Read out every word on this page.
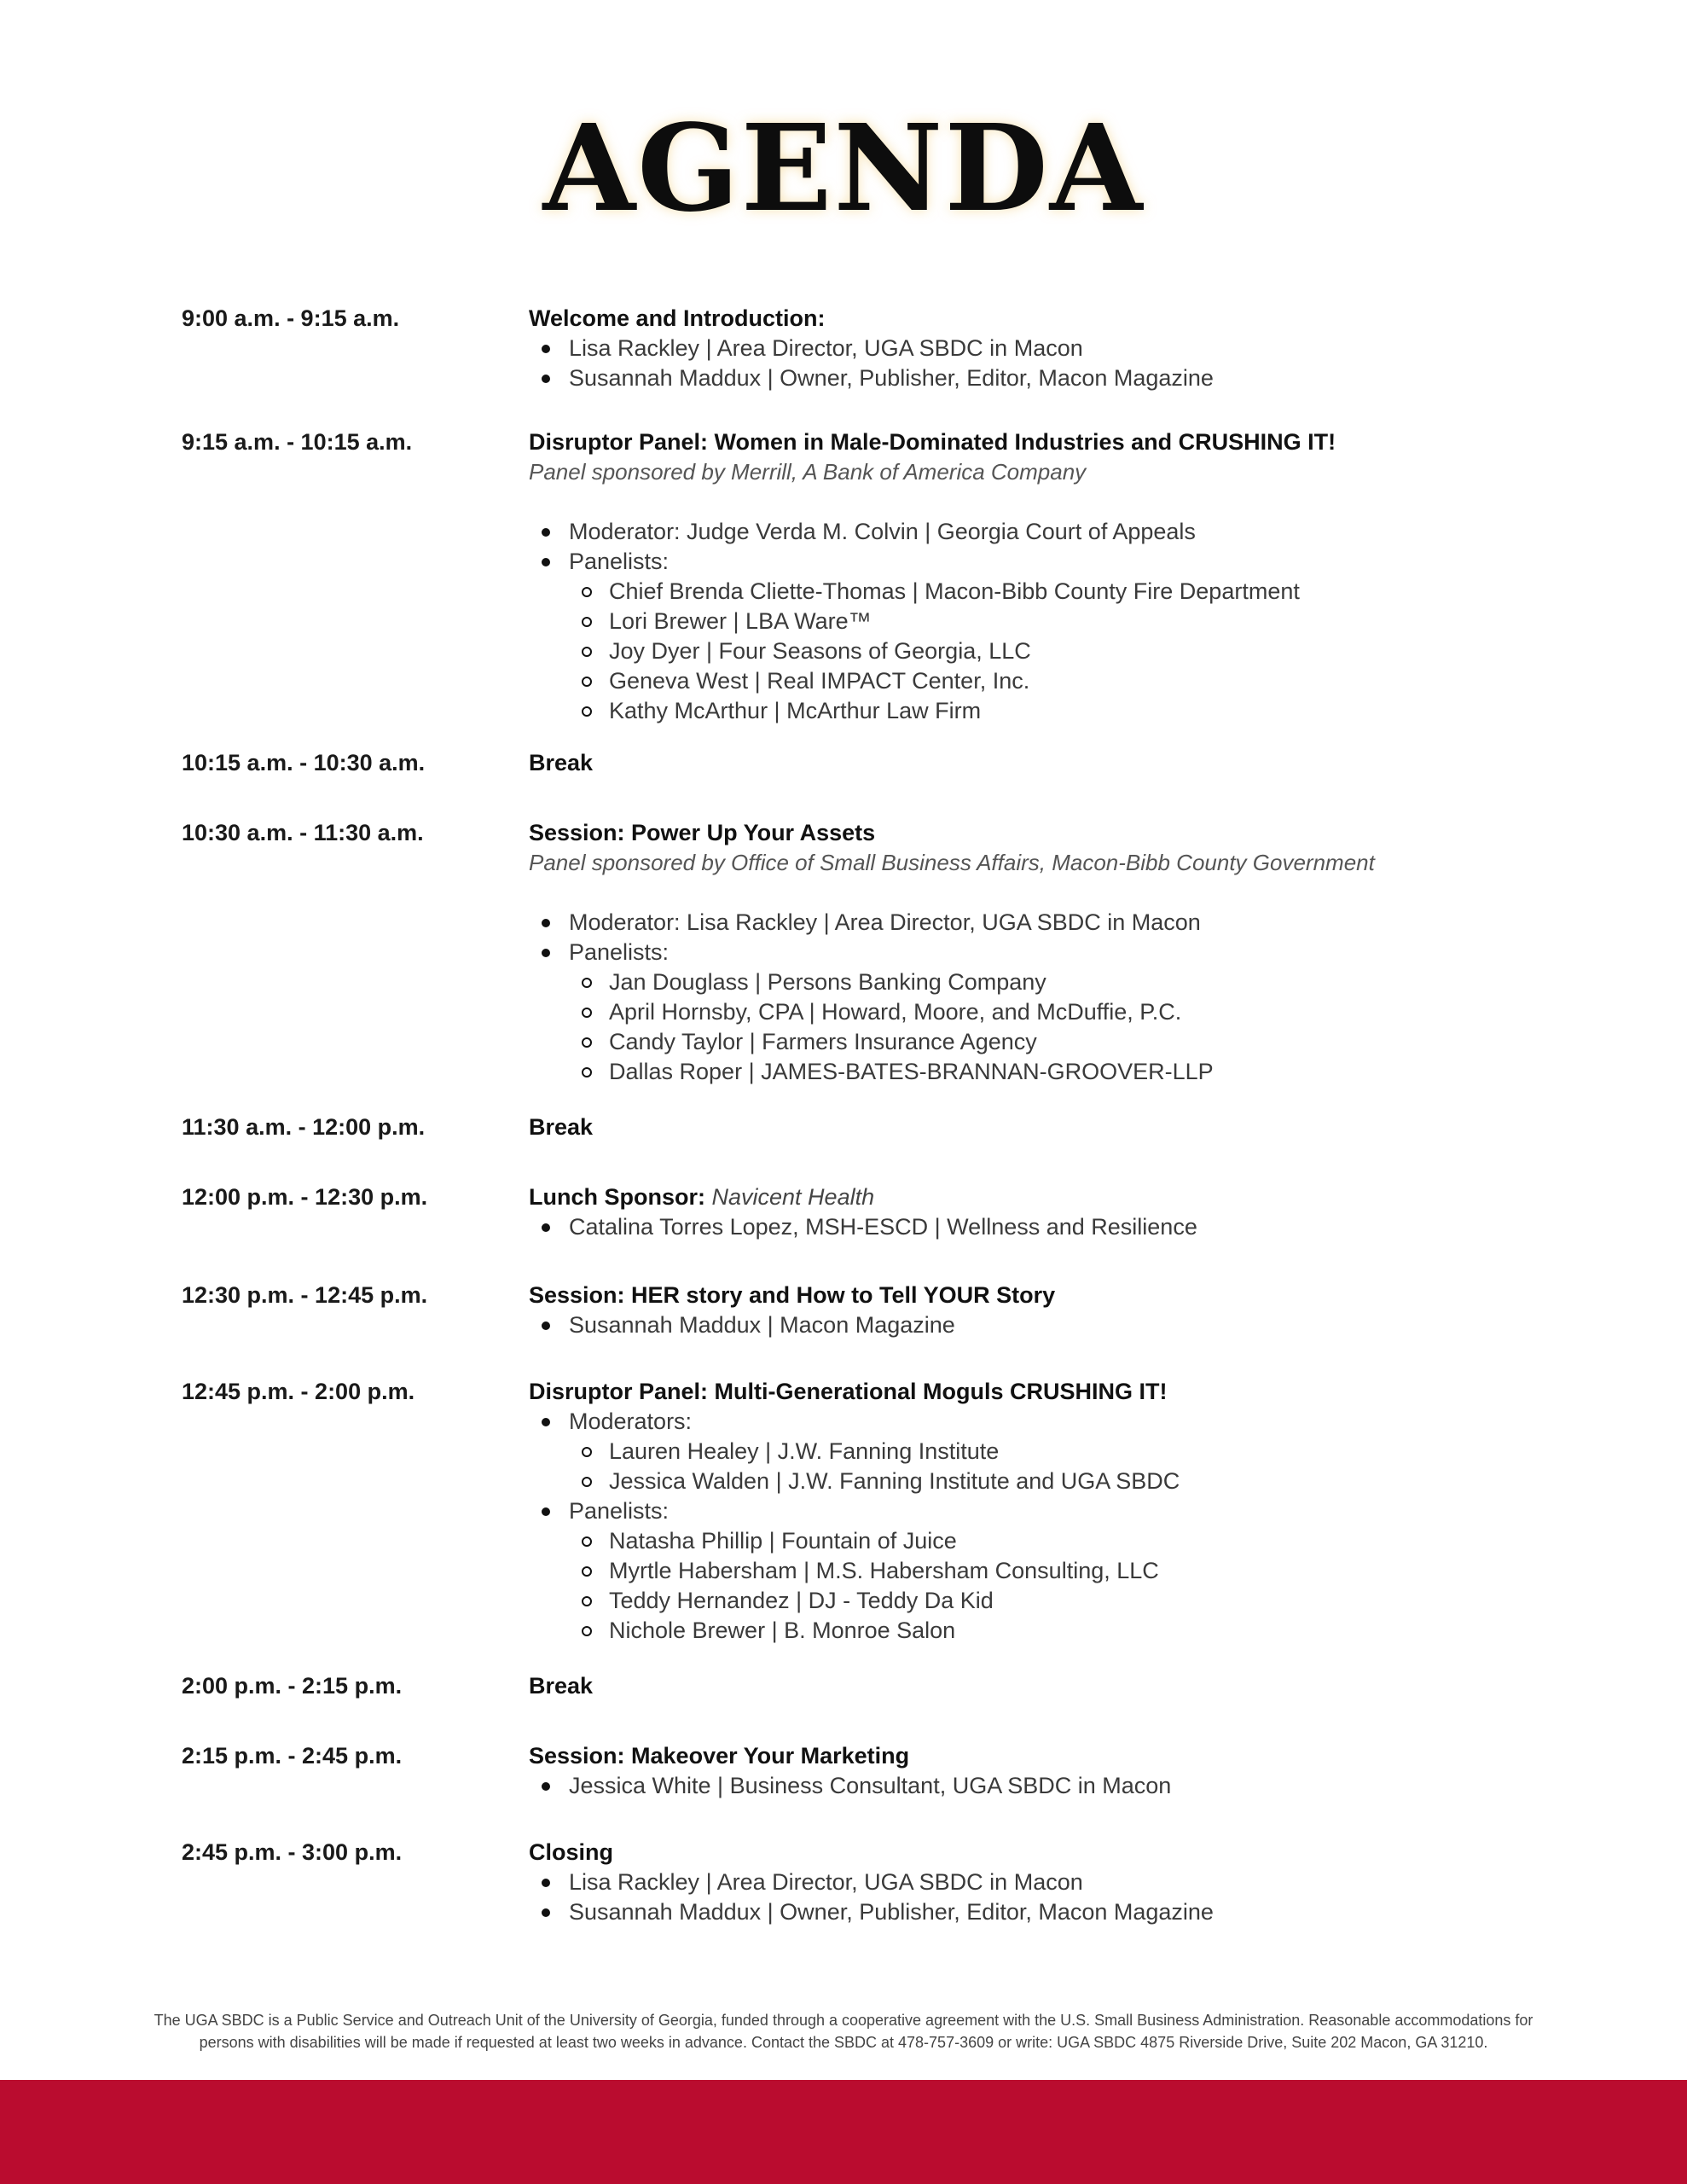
AGENDA
9:00 a.m. - 9:15 a.m.	Welcome and Introduction:
Lisa Rackley | Area Director, UGA SBDC in Macon
Susannah Maddux | Owner, Publisher, Editor, Macon Magazine
9:15 a.m. - 10:15 a.m.	Disruptor Panel: Women in Male-Dominated Industries and CRUSHING IT!
Panel sponsored by Merrill, A Bank of America Company
Moderator: Judge Verda M. Colvin | Georgia Court of Appeals
Panelists:
Chief Brenda Cliette-Thomas | Macon-Bibb County Fire Department
Lori Brewer | LBA Ware™
Joy Dyer | Four Seasons of Georgia, LLC
Geneva West | Real IMPACT Center, Inc.
Kathy McArthur | McArthur Law Firm
10:15 a.m. - 10:30 a.m.	Break
10:30 a.m. - 11:30 a.m.	Session: Power Up Your Assets
Panel sponsored by Office of Small Business Affairs, Macon-Bibb County Government
Moderator: Lisa Rackley | Area Director, UGA SBDC in Macon
Panelists:
Jan Douglass | Persons Banking Company
April Hornsby, CPA | Howard, Moore, and McDuffie, P.C.
Candy Taylor | Farmers Insurance Agency
Dallas Roper | JAMES-BATES-BRANNAN-GROOVER-LLP
11:30 a.m. - 12:00 p.m.	Break
12:00 p.m. - 12:30 p.m.	Lunch Sponsor: Navicent Health
Catalina Torres Lopez, MSH-ESCD | Wellness and Resilience
12:30 p.m. - 12:45 p.m.	Session: HER story and How to Tell YOUR Story
Susannah Maddux | Macon Magazine
12:45 p.m. - 2:00 p.m.	Disruptor Panel: Multi-Generational Moguls CRUSHING IT!
Moderators:
Lauren Healey | J.W. Fanning Institute
Jessica Walden | J.W. Fanning Institute and UGA SBDC
Panelists:
Natasha Phillip | Fountain of Juice
Myrtle Habersham | M.S. Habersham Consulting, LLC
Teddy Hernandez | DJ - Teddy Da Kid
Nichole Brewer | B. Monroe Salon
2:00 p.m. - 2:15 p.m.	Break
2:15 p.m. - 2:45 p.m.	Session: Makeover Your Marketing
Jessica White | Business Consultant, UGA SBDC in Macon
2:45 p.m. - 3:00 p.m.	Closing
Lisa Rackley | Area Director, UGA SBDC in Macon
Susannah Maddux | Owner, Publisher, Editor, Macon Magazine
The UGA SBDC is a Public Service and Outreach Unit of the University of Georgia, funded through a cooperative agreement with the U.S. Small Business Administration. Reasonable accommodations for
persons with disabilities will be made if requested at least two weeks in advance. Contact the SBDC at 478-757-3609 or write: UGA SBDC 4875 Riverside Drive, Suite 202 Macon, GA 31210.
